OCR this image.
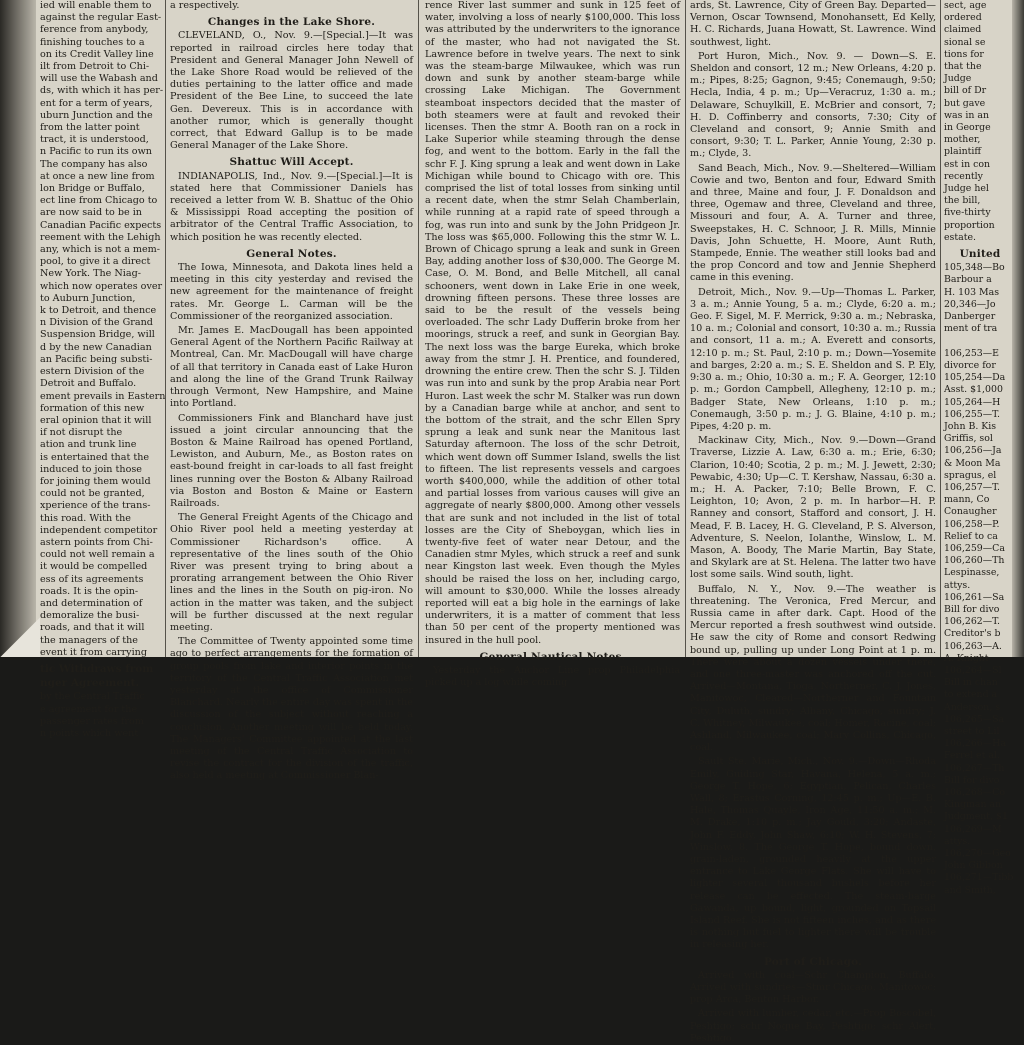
ied will enable them to
against the regular East-
ference from anybody,
finishing touches to a
on its Credit Valley line
ilt from Detroit to Chi-
will use the Wabash and
ds, with which it has per-
ent for a term of years,
uburn Junction and the
from the latter point
tract, it is understood,
n Pacific to run its own
The company has also
at once a new line from
lon Bridge or Buffalo,
ect line from Chicago to
are now said to be in
Canadian Pacific expects
reement with the Lehigh
any, which is not a mem-
pool, to give it a direct
New York. The Niag-
which now operates over
to Auburn Junction,
k to Detroit, and thence
n Division of the Grand
Suspension Bridge, will
d by the new Canadian
an Pacific being substi-
estern Division of the
Detroit and Buffalo.
ement prevails in Eastern
formation of this new
eral opinion that it will
if not disrupt the
ation and trunk line
is entertained that the
induced to join those
for joining them would
could not be granted,
xperience of the trans-
this road. With the
independent competitor
astern points from Chi-
could not well remain a
it would be compelled
ess of its agreements
roads. It is the opin-
and determination of
demoralize the busi-
roads, and that it will
the managers of the
event it from carrying
tic Withdraws from
nger Agreement.
by the Central Traffic
e agreement for the
passenger rates from
n points which went

a respectively.

Changes in the Lake Shore.

CLEVELAND, O., Nov. 9.—[Special.]—It was reported in railroad circles here today that President and General Manager John Newell of the Lake Shore Road would be relieved of the duties pertaining to the latter office and made President of the Bee Line, to succeed the late Gen. Devereux. This is in accordance with another rumor, which is generally thought correct, that Edward Gallup is to be made General Manager of the Lake Shore.

Shattuc Will Accept.

INDIANAPOLIS, Ind., Nov. 9.—[Special.]—It is stated here that Commissioner Daniels has received a letter from W. B. Shattuc of the Ohio & Mississippi Road accepting the position of arbitrator of the Central Traffic Association, to which position he was recently elected.

General Notes.

The Iowa, Minnesota, and Dakota lines held a meeting in this city yesterday and revised the new agreement for the maintenance of freight rates. Mr. George L. Carman will be the Commissioner of the reorganized association.

Mr. James E. MacDougall has been appointed General Agent of the Northern Pacific Railway at Montreal, Can. Mr. MacDougall will have charge of all that territory in Canada east of Lake Huron and along the line of the Grand Trunk Railway through Vermont, New Hampshire, and Maine into Portland.

Commissioners Fink and Blanchard have just issued a joint circular announcing that the Boston & Maine Railroad has opened Portland, Lewiston, and Auburn, Me., as Boston rates on east-bound freight in car-loads to all fast freight lines running over the Boston & Albany Railroad via Boston and Boston & Maine or Eastern Railroads.

The General Freight Agents of the Chicago and Ohio River pool held a meeting yesterday at Commissioner Richardson's office. A representative of the lines south of the Ohio River was present trying to bring about a prorating arrangement between the Ohio River lines and the lines in the South on pig-iron. No action in the matter was taken, and the subject will be further discussed at the next regular meeting.

The Committee of Twenty appointed some time ago to perfect arrangements for the formation of group pools from lake and interior points in the territory of the Central Traffic Association met yesterday at the office of Commissioner Blanchard. Nearly the entire day was spent in the discussion of the subject without reaching a conclusion. Another meeting will be held today. The Managers' Committee appointed at the last meeting of the Central Traffic Association to revise the contract for the division of the traffic, also held a meeting at Commissioner Blan-

rence River last summer and sunk in 125 feet of water, involving a loss of nearly $100,000. This loss was attributed by the underwriters to the ignorance of the master, who had not navigated the St. Lawrence before in twelve years. The next to sink was the steam-barge Milwaukee, which was run down and sunk by another steam-barge while crossing Lake Michigan. The Government steamboat inspectors decided that the master of both steamers were at fault and revoked their licenses. Then the stmr A. Booth ran on a rock in Lake Superior while steaming through the dense fog, and went to the bottom. Early in the fall the schr F. J. King sprung a leak and went down in Lake Michigan while bound to Chicago with ore. This comprised the list of total losses from sinking until a recent date, when the stmr Selah Chamberlain, while running at a rapid rate of speed through a fog, was run into and sunk by the John Pridgeon Jr. The loss was $65,000. Following this the stmr W. L. Brown of Chicago sprung a leak and sunk in Green Bay, adding another loss of $30,000. The George M. Case, O. M. Bond, and Belle Mitchell, all canal schooners, went down in Lake Erie in one week, drowning fifteen persons. These three losses are said to be the result of the vessels being overloaded. The schr Lady Dufferin broke from her moorings, struck a reef, and sunk in Georgian Bay. The next loss was the barge Eureka, which broke away from the stmr J. H. Prentice, and foundered, drowning the entire crew. Then the schr S. J. Tilden was run into and sunk by the prop Arabia near Port Huron. Last week the schr M. Stalker was run down by a Canadian barge while at anchor, and sent to the bottom of the strait, and the schr Ellen Spry sprung a leak and sunk near the Manitous last Saturday afternoon. The loss of the schr Detroit, which went down off Summer Island, swells the list to fifteen. The list represents vessels and cargoes worth $400,000, while the addition of other total and partial losses from various causes will give an aggregate of nearly $800,000. Among other vessels that are sunk and not included in the list of total losses are the City of Sheboygan, which lies in twenty-five feet of water near Detour, and the Canadien stmr Myles, which struck a reef and sunk near Kingston last week. Even though the Myles should be raised the loss on her, including cargo, will amount to $30,000. While the losses already reported will eat a big hole in the earnings of lake underwriters, it is a matter of comment that less than 50 per cent of the property mentioned was insured in the hull pool.

General Nautical Notes.

Yesterday the Anchor Line prop Philadelphia picked up a log while coming

ards, St. Lawrence, City of Green Bay. Departed—Vernon, Oscar Townsend, Monohansett, Ed Kelly, H. C. Richards, Juana Howatt, St. Lawrence. Wind southwest, light.

Port Huron, Mich., Nov. 9. — Down—S. E. Sheldon and consort, 12 m.; New Orleans, 4:20 p. m.; Pipes, 8:25; Gagnon, 9:45; Conemaugh, 9:50; Hecla, India, 4 p. m.; Up—Veracruz, 1:30 a. m.; Delaware, Schuylkill, E. McBrier and consort, 7; H. D. Coffinberry and consorts, 7:30; City of Cleveland and consort, 9; Annie Smith and consort, 9:30; T. L. Parker, Annie Young, 2:30 p. m.; Clyde, 3.

Sand Beach, Mich., Nov. 9.—Sheltered—William Cowie and two, Benton and four, Edward Smith and three, Maine and four, J. F. Donaldson and three, Ogemaw and three, Cleveland and three, Missouri and four, A. A. Turner and three, Sweepstakes, H. C. Schnoor, J. R. Mills, Minnie Davis, John Schuette, H. Moore, Aunt Ruth, Stampede, Ennie. The weather still looks bad and the prop Concord and tow and Jennie Shepherd came in this evening.

Detroit, Mich., Nov. 9.—Up—Thomas L. Parker, 3 a. m.; Annie Young, 5 a. m.; Clyde, 6:20 a. m.; Geo. F. Sigel, M. F. Merrick, 9:30 a. m.; Nebraska, 10 a. m.; Colonial and consort, 10:30 a. m.; Russia and consort, 11 a. m.; A. Everett and consorts, 12:10 p. m.; St. Paul, 2:10 p. m.; Down—Yosemite and barges, 2:20 a. m.; S. E. Sheldon and S. P. Ely, 9:30 a. m.; Ohio, 10:30 a. m.; F. A. Georger, 12:10 p. m.; Gordon Campbell, Allegheny, 12:10 p. m.; Badger State, New Orleans, 1:10 p. m.; Conemaugh, 3:50 p. m.; J. G. Blaine, 4:10 p. m.; Pipes, 4:20 p. m.

Mackinaw City, Mich., Nov. 9.—Down—Grand Traverse, Lizzie A. Law, 6:30 a. m.; Erie, 6:30; Clarion, 10:40; Scotia, 2 p. m.; M. J. Jewett, 2:30; Pewabic, 4:30; Up—C. T. Kershaw, Nassau, 6:30 a. m.; H. A. Packer, 7:10; Belle Brown, F. C. Leighton, 10; Avon, 2 p. m. In harbor—H. P. Ranney and consort, Stafford and consort, J. H. Mead, F. B. Lacey, H. G. Cleveland, P. S. Alverson, Adventure, S. Neelon, Iolanthe, Winslow, L. M. Mason, A. Boody, The Marie Martin, Bay State, and Skylark are at St. Helena. The latter two have lost some sails. Wind south, light.

Buffalo, N. Y., Nov. 9.—The weather is threatening. The Veronica, Fred Mercur, and Russia came in after dark. Capt. Hood of the Mercur reported a fresh southwest wind outside. He saw the city of Rome and consort Redwing bound up, pulling up under Long Point at 1 p. m. There were about a dozen vessels under there, and one three-master was anchored off the cut. Arrived—Montana, Tioga, Northerner, C. J. Jones, Manitowoc, Cleared—Northerner and Fountain City, Duluth, sundry; Albany, Chicago, sundry; J. C. Whitney, Milwaukee, coal; Homer, Racine, coal; Ashland, Milwaukee, coal; Mary Collins, Chicago, coal.

Sault Ste. Marie, Mich., Nov. 9.—Down—Rhoda Emily, Guiding Star, Havana, Helena, 5 a. m.; George T. Hope, 6; Egyptian, Pelican, Charles Wall, 8; Erastus Corning, 12:45 p. m.; Up—E. B. Hale, Thomas Quayle, Iron Age, 11:50 a. m.; M. M. Drake, 1:10 p. m.; Jay Gould, 3:20; Andaste, John F. Eddy, John Shaw, 6:10; W. H. Stevens, 7; Winslow, 8. The George T. Hope, bound down, grain-laden, grounded heavily at the upper entrance to Lake George Flats. She will have to lighter several thousand bushels before her release can be effected. The steam-barge Gawanda, up bound, light, grounded on Topsail Island Reef. She is not fifteen inches, and as there is nothing but fuel to lighter there will be trouble in releasing her.

Port of Chicago.

Arrived with coal—Schr Champion, Buffalo. Arrived with sundries—Stmr Chicago, Manitowoc; prop Arca, Benton Harbor.

Arrived with lumber, cedar, etc.—Prop Boscobel, Peshtigo; schr Noque Bay, Peshtigo; schr Alert, Peshtigo.

sect, age
ordered
claimed
sional se
tions for
that the
Judge
bill of Dr
but gave
was in an
in George
mother,
plaintiff
est in con
recently
Judge hel
the bill,
five-thirty
proportion
estate.
United
105,348—Bo
Barbour a
H. 103 Mas
20,346—Jo
Danberger
ment of tra

106,253—E
divorce for
105,254—Da
Asst. $1,000
105,264—H
106,255—T.
John B. Kis
Griffis, sol
106,256—Ja
& Moon Ma
spragus, el
106,257—T.
mann, Co
Conaugher
106,258—P.
Relief to ca
106,259—Ca
106,260—Th
Lespinasse,
attys.
106,261—Sa
Bill for divo
106,262—T.
Creditor's b
106,263—A.
A. Knight
106,264—Sl
Bill in chan
to extend a
Anderson, s
106,265—Sa
street to Lil
106,266—Ha
Ferrel et al.
106,267—Th
Bill for divo
106,268—Co
Kingman an
Judgment, $1
106,269—M
attys.
106,270—Geo
John Gibbon
106,271—Tibb
and Smith,
